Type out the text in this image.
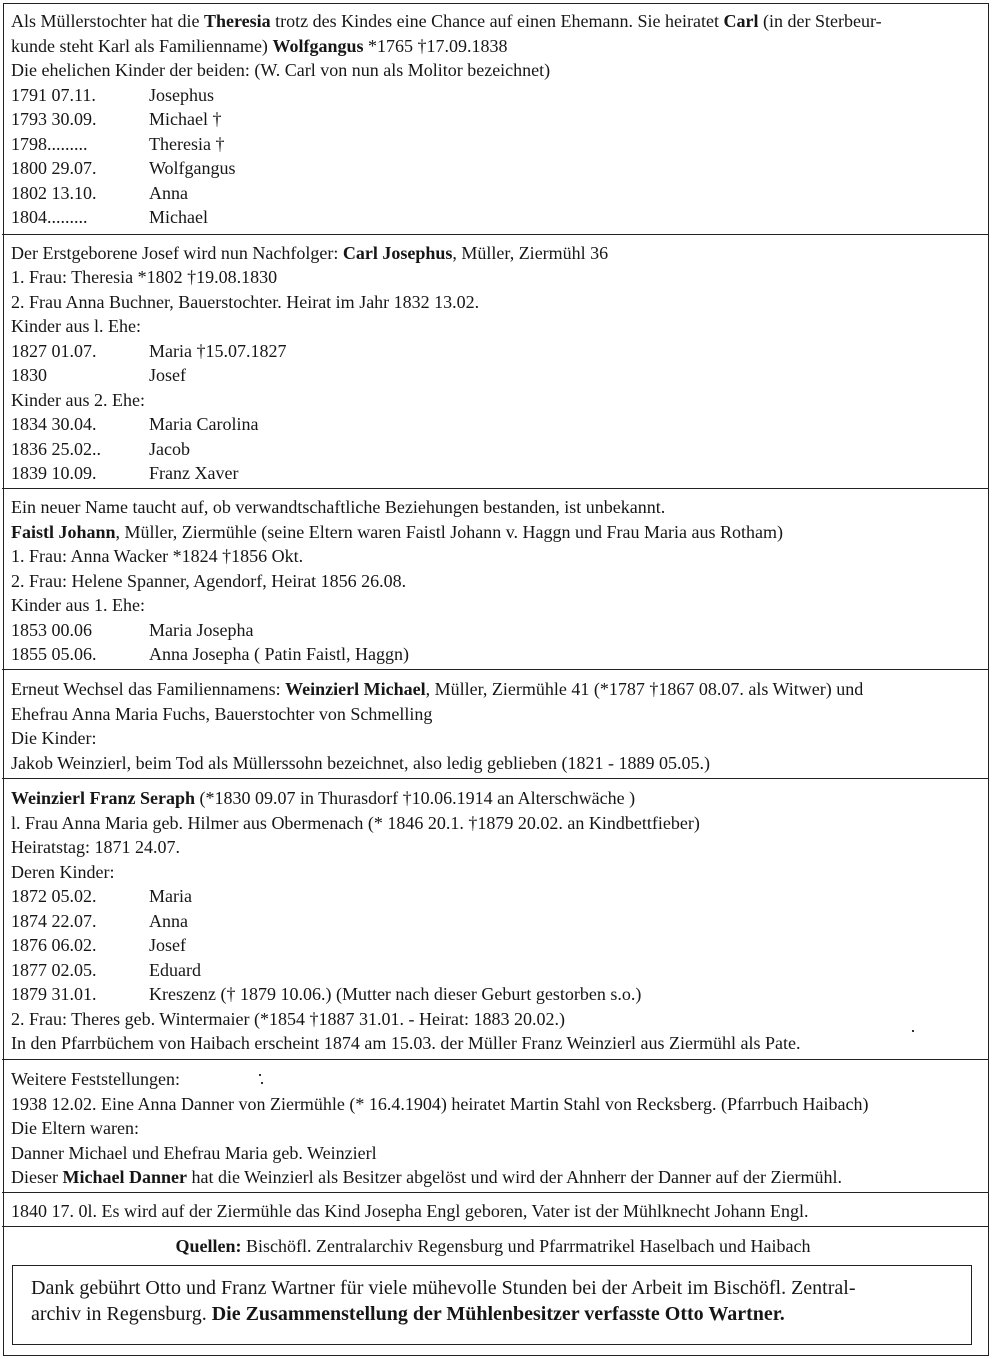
Als Müllerstochter hat die Theresia trotz des Kindes eine Chance auf einen Ehemann. Sie heiratet Carl (in der Sterbeur-
kunde steht Karl als Familienname) Wolfgangus *1765 †17.09.1838
Die ehelichen Kinder der beiden: (W. Carl von nun als Molitor bezeichnet)
1791 07.11.	Josephus
1793 30.09.	Michael †
1798.........	Theresia †
1800 29.07.	Wolfgangus
1802 13.10.	Anna
1804.........	Michael
Der Erstgeborene Josef wird nun Nachfolger: Carl Josephus, Müller, Ziermühl 36
1. Frau: Theresia *1802 †19.08.1830
2. Frau Anna Buchner, Bauerstochter. Heirat im Jahr 1832 13.02.
Kinder aus l. Ehe:
1827 01.07.	Maria †15.07.1827
1830	Josef
Kinder aus 2. Ehe:
1834 30.04.	Maria Carolina
1836 25.02..	Jacob
1839 10.09.	Franz Xaver
Ein neuer Name taucht auf, ob verwandtschaftliche Beziehungen bestanden, ist unbekannt.
Faistl Johann, Müller, Ziermühle (seine Eltern waren Faistl Johann v. Haggn und Frau Maria aus Rotham)
1. Frau: Anna Wacker *1824 †1856 Okt.
2. Frau: Helene Spanner, Agendorf, Heirat 1856 26.08.
Kinder aus 1. Ehe:
1853 00.06	Maria Josepha
1855 05.06.	Anna Josepha ( Patin Faistl, Haggn)
Erneut Wechsel das Familiennamens: Weinzierl Michael, Müller, Ziermühle 41 (*1787 †1867 08.07. als Witwer) und
Ehefrau Anna Maria Fuchs, Bauerstochter von Schmelling
Die Kinder:
Jakob Weinzierl, beim Tod als Müllerssohn bezeichnet, also ledig geblieben (1821 - 1889 05.05.)
Weinzierl Franz Seraph (*1830 09.07 in Thurasdorf †10.06.1914 an Alterschwäche )
l. Frau Anna Maria geb. Hilmer aus Obermenach (* 1846 20.1. †1879 20.02. an Kindbettfieber)
Heiratstag: 1871 24.07.
Deren Kinder:
1872 05.02.	Maria
1874 22.07.	Anna
1876 06.02.	Josef
1877 02.05.	Eduard
1879 31.01.	Kreszenz († 1879 10.06.) (Mutter nach dieser Geburt gestorben s.o.)
2. Frau: Theres geb. Wintermaier (*1854 †1887 31.01. - Heirat: 1883 20.02.)
In den Pfarrbüchem von Haibach erscheint 1874 am 15.03. der Müller Franz Weinzierl aus Ziermühl als Pate.
Weitere Feststellungen:
1938 12.02. Eine Anna Danner von Ziermühle (* 16.4.1904) heiratet Martin Stahl von Recksberg. (Pfarrbuch Haibach)
Die Eltern waren:
Danner Michael und Ehefrau Maria geb. Weinzierl
Dieser Michael Danner hat die Weinzierl als Besitzer abgelöst und wird der Ahnherr der Danner auf der Ziermühl.
1840 17. 0l. Es wird auf der Ziermühle das Kind Josepha Engl geboren, Vater ist der Mühlknecht Johann Engl.
Quellen: Bischöfl. Zentralarchiv Regensburg und Pfarrmatrikel Haselbach und Haibach
Dank gebührt Otto und Franz Wartner für viele mühevolle Stunden bei der Arbeit im Bischöfl. Zentral-
archiv in Regensburg. Die Zusammenstellung der Mühlenbesitzer verfasste Otto Wartner.
